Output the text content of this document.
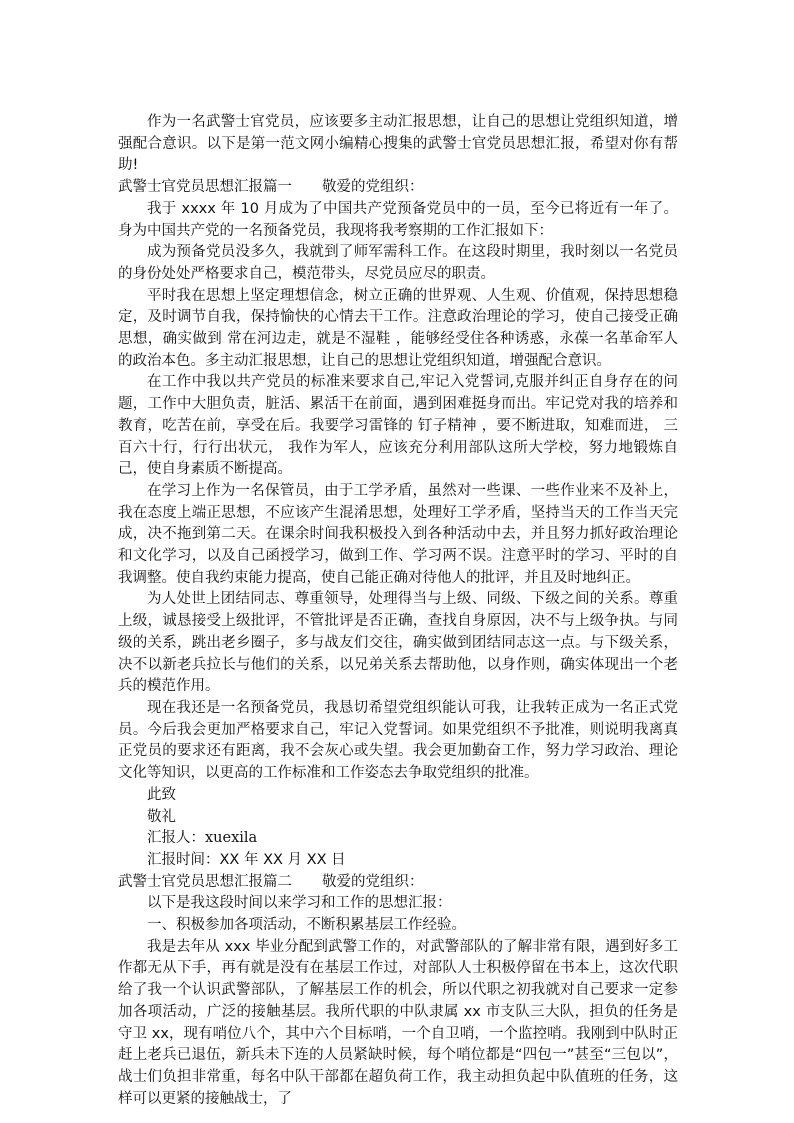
作为一名武警士官党员，应该要多主动汇报思想，让自己的思想让党组织知道，增强配合意识。以下是第一范文网小编精心搜集的武警士官党员思想汇报，希望对你有帮助!

武警士官党员思想汇报篇一 敬爱的党组织：

我于 xxxx 年 10 月成为了中国共产党预备党员中的一员，至今已将近有一年了。身为中国共产党的一名预备党员，我现将我考察期的工作汇报如下：

成为预备党员没多久，我就到了师军需科工作。在这段时期里，我时刻以一名党员的身份处处严格要求自己，模范带头，尽党员应尽的职责。

平时我在思想上坚定理想信念，树立正确的世界观、人生观、价值观，保持思想稳定，及时调节自我，保持愉快的心情去干工作。注意政治理论的学习，使自己接受正确思想，确实做到 常在河边走，就是不湿鞋 ，能够经受住各种诱惑，永葆一名革命军人的政治本色。多主动汇报思想，让自己的思想让党组织知道，增强配合意识。

在工作中我以共产党员的标准来要求自己,牢记入党誓词,克服并纠正自身存在的问题，工作中大胆负责，脏活、累活干在前面，遇到困难挺身而出。牢记党对我的培养和教育，吃苦在前，享受在后。我要学习雷锋的 钉子精神 ，要不断进取，知难而进， 三百六十行，行行出状元， 我作为军人，应该充分利用部队这所大学校，努力地锻炼自己，使自身素质不断提高。

在学习上作为一名保管员，由于工学矛盾，虽然对一些课、一些作业来不及补上，我在态度上端正思想，不应该产生混淆思想，处理好工学矛盾，坚持当天的工作当天完成，决不拖到第二天。在课余时间我积极投入到各种活动中去，并且努力抓好政治理论和文化学习，以及自己函授学习，做到工作、学习两不误。注意平时的学习、平时的自我调整。使自我约束能力提高，使自己能正确对待他人的批评，并且及时地纠正。

为人处世上团结同志、尊重领导，处理得当与上级、同级、下级之间的关系。尊重上级，诚恳接受上级批评，不管批评是否正确，查找自身原因，决不与上级争执。与同级的关系，跳出老乡圈子，多与战友们交往，确实做到团结同志这一点。与下级关系，决不以新老兵拉长与他们的关系，以兄弟关系去帮助他，以身作则，确实体现出一个老兵的模范作用。

现在我还是一名预备党员，我恳切希望党组织能认可我，让我转正成为一名正式党员。今后我会更加严格要求自己，牢记入党誓词。如果党组织不予批准，则说明我离真正党员的要求还有距离，我不会灰心或失望。我会更加勤奋工作，努力学习政治、理论文化等知识，以更高的工作标准和工作姿态去争取党组织的批准。

此致

敬礼

汇报人：xuexila

汇报时间：XX 年 XX 月 XX 日

武警士官党员思想汇报篇二 敬爱的党组织：

以下是我这段时间以来学习和工作的思想汇报：

一、积极参加各项活动，不断积累基层工作经验。

我是去年从 xxx 毕业分配到武警工作的，对武警部队的了解非常有限，遇到好多工作都无从下手，再有就是没有在基层工作过，对部队人士积极停留在书本上，这次代职给了我一个认识武警部队，了解基层工作的机会，所以代职之初我就对自己要求一定参加各项活动，广泛的接触基层。我所代职的中队隶属 xx 市支队三大队，担负的任务是守卫 xx，现有哨位八个，其中六个目标哨，一个自卫哨，一个监控哨。我刚到中队时正赶上老兵已退伍，新兵未下连的人员紧缺时候，每个哨位都是“四包一”甚至“三包以”，战士们负担非常重，每名中队干部都在超负荷工作，我主动担负起中队值班的任务，这样可以更紧的接触战士，了
